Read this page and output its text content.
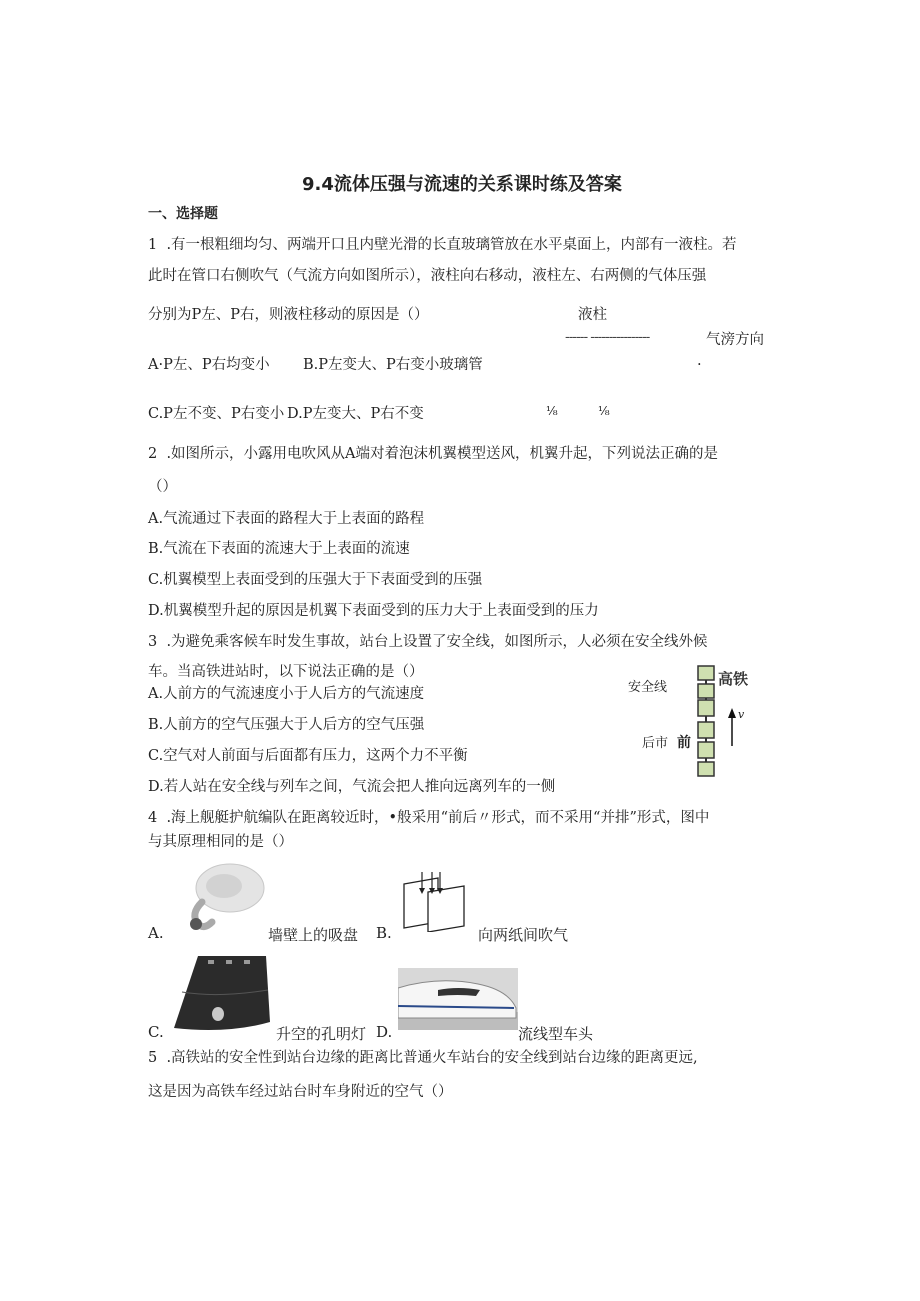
9.4流体压强与流速的关系课时练及答案
一、选择题
1 .有一根粗细均匀、两端开口且内壁光滑的长直玻璃管放在水平桌面上，内部有一液柱。若
此时在管口右侧吹气（气流方向如图所示），液柱向右移动，液柱左、右两侧的气体压强
分别为P左、P右，则液柱移动的原因是（）	液柱
------ ----------------	气滂方向
A·P左、P右均变小 B.P左变大、P右变小玻璃管	.
C.P左不变、P右变小 D.P左变大、P右不变	⅛	⅛
2 .如图所示，小露用电吹风从A端对着泡沫机翼模型送风，机翼升起，下列说法正确的是
（）
A.气流通过下表面的路程大于上表面的路程
B.气流在下表面的流速大于上表面的流速
C.机翼模型上表面受到的压强大于下表面受到的压强
D.机翼模型升起的原因是机翼下表面受到的压力大于上表面受到的压力
3 .为避免乘客候车时发生事故，站台上设置了安全线，如图所示，人必须在安全线外候
车。当高铁进站时，以下说法正确的是（）
A.人前方的气流速度小于人后方的气流速度
B.人前方的空气压强大于人后方的空气压强
C.空气对人前面与后面都有压力，这两个力不平衡
D.若人站在安全线与列车之间，气流会把人推向远离列车的一侧
安全线	高铁
后市 前
v
4 .海上舰艇护航编队在距离较近时，•般采用“前后〃形式，而不采用“并排”形式，图中
与其原理相同的是（）
A.	墙壁上的吸盘 B.	向两纸间吹气
C.	升空的孔明灯 D.	流线型车头
5 .高铁站的安全性到站台边缘的距离比普通火车站台的安全线到站台边缘的距离更远,
这是因为高铁车经过站台时车身附近的空气（）
